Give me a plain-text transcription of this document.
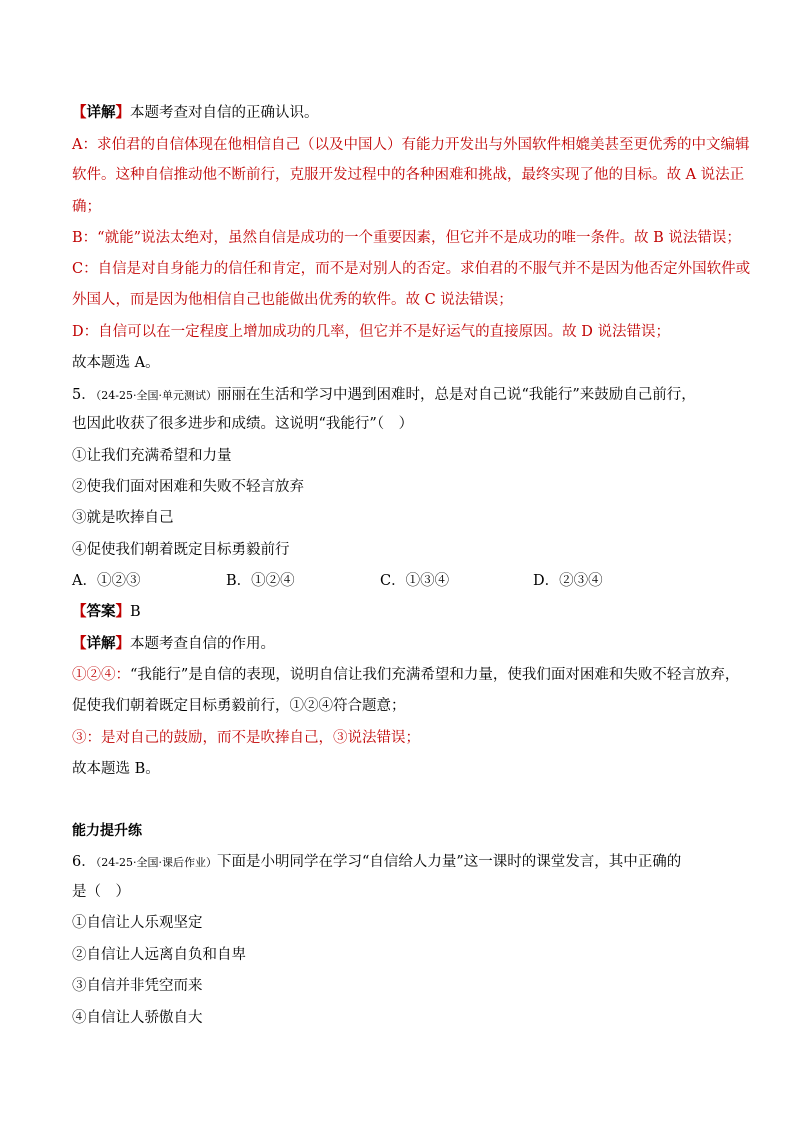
【详解】本题考查对自信的正确认识。
A：求伯君的自信体现在他相信自己（以及中国人）有能力开发出与外国软件相媲美甚至更优秀的中文编辑
软件。这种自信推动他不断前行，克服开发过程中的各种困难和挑战，最终实现了他的目标。故 A 说法正
确；
B：“就能”说法太绝对，虽然自信是成功的一个重要因素，但它并不是成功的唯一条件。故 B 说法错误；
C：自信是对自身能力的信任和肯定，而不是对别人的否定。求伯君的不服气并不是因为他否定外国软件或
外国人，而是因为他相信自己也能做出优秀的软件。故 C 说法错误；
D：自信可以在一定程度上增加成功的几率，但它并不是好运气的直接原因。故 D 说法错误；
故本题选 A。
5．（24-25·全国·单元测试）丽丽在生活和学习中遇到困难时，总是对自己说“我能行”来鼓励自己前行，
也因此收获了很多进步和成绩。这说明“我能行”（　）
①让我们充满希望和力量
②使我们面对困难和失败不轻言放弃
③就是吹捧自己
④促使我们朝着既定目标勇毅前行
A．①②③	B．①②④	C．①③④	D．②③④
【答案】B
【详解】本题考查自信的作用。
①②④：“我能行”是自信的表现，说明自信让我们充满希望和力量，使我们面对困难和失败不轻言放弃，
促使我们朝着既定目标勇毅前行，①②④符合题意；
③：是对自己的鼓励，而不是吹捧自己，③说法错误；
故本题选 B。
能力提升练
6．（24-25·全国·课后作业）下面是小明同学在学习“自信给人力量”这一课时的课堂发言，其中正确的
是（　）
①自信让人乐观坚定
②自信让人远离自负和自卑
③自信并非凭空而来
④自信让人骄傲自大
